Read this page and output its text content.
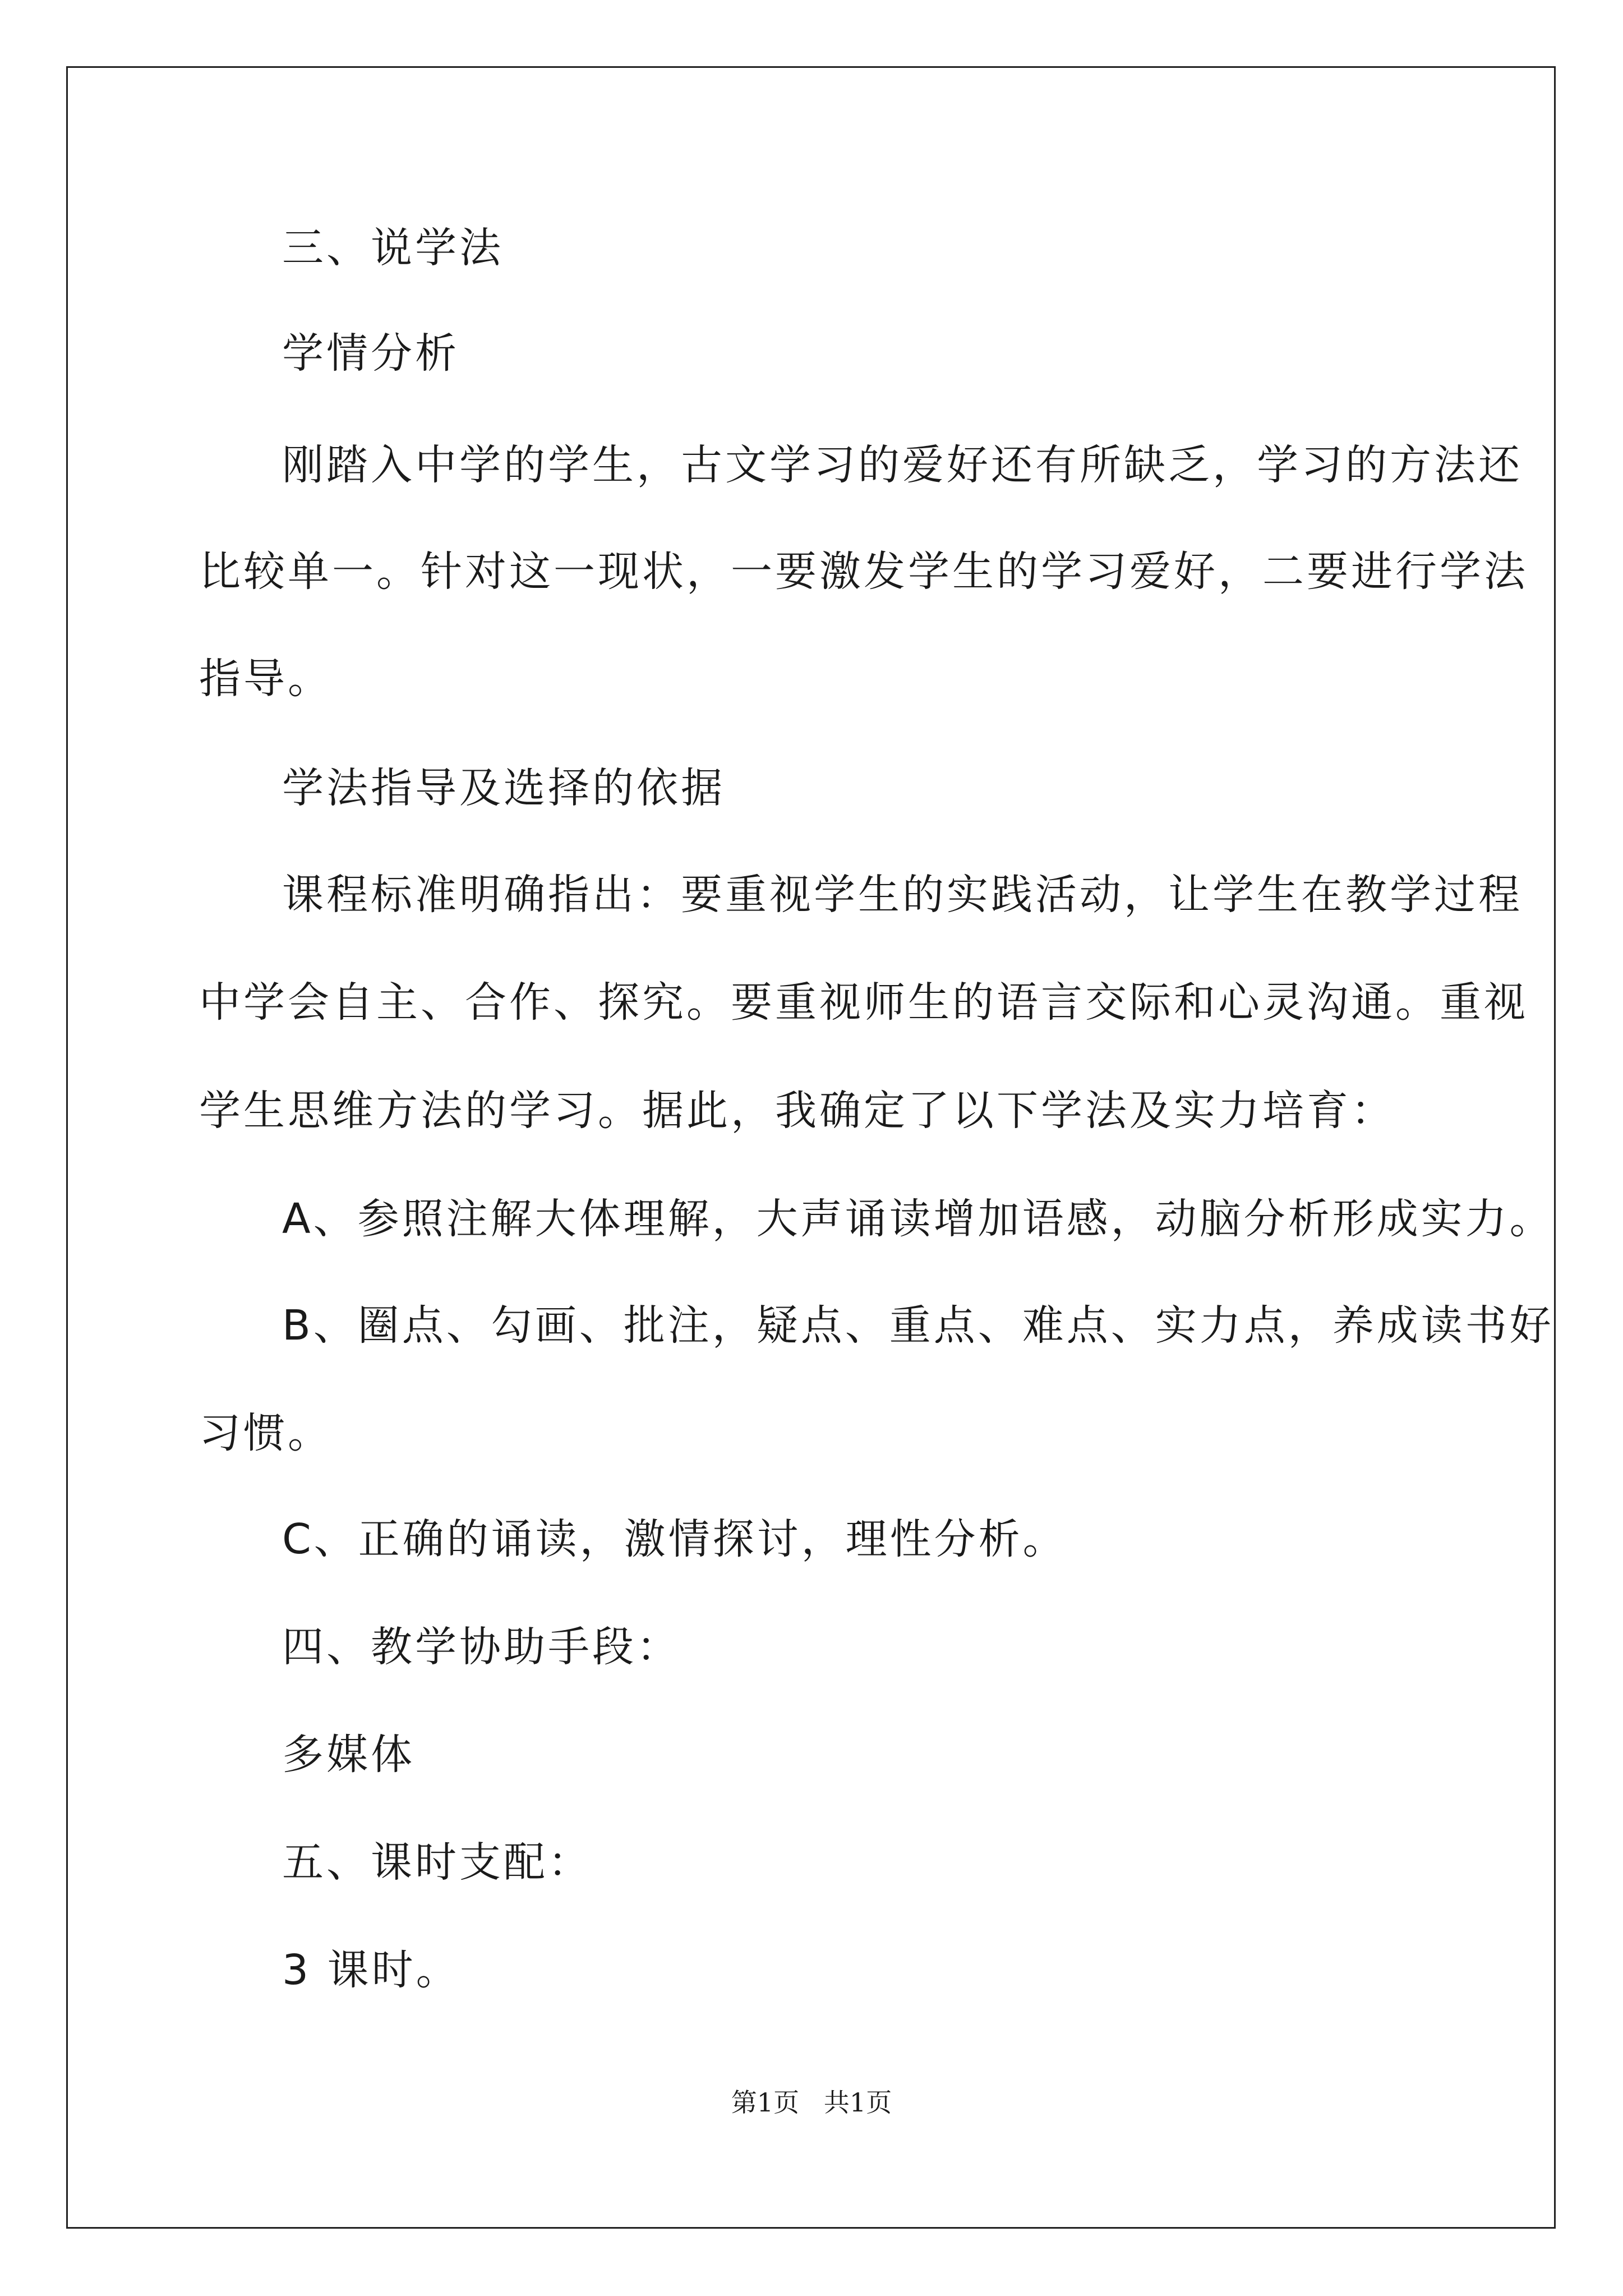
三、说学法
学情分析
刚踏入中学的学生，古文学习的爱好还有所缺乏，学习的方法还
比较单一。针对这一现状，一要激发学生的学习爱好，二要进行学法
指导。
学法指导及选择的依据
课程标准明确指出：要重视学生的实践活动，让学生在教学过程
中学会自主、合作、探究。要重视师生的语言交际和心灵沟通。重视
学生思维方法的学习。据此，我确定了以下学法及实力培育：
A、参照注解大体理解，大声诵读增加语感，动脑分析形成实力。
B、圈点、勾画、批注，疑点、重点、难点、实力点，养成读书好
习惯。
C、正确的诵读，激情探讨，理性分析。
四、教学协助手段：
多媒体
五、课时支配：
3 课时。
第1页   共1页
